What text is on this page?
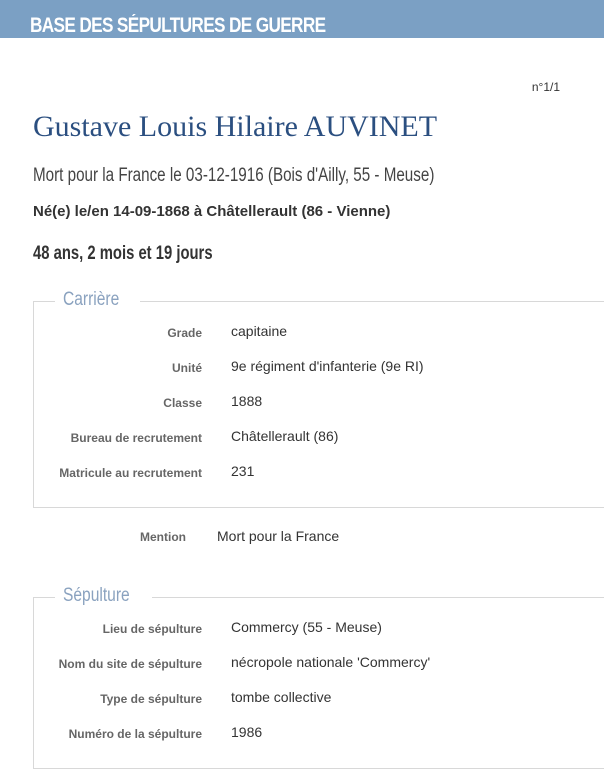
BASE DES SÉPULTURES DE GUERRE
n°1/1
Gustave Louis Hilaire AUVINET
Mort pour la France le 03-12-1916 (Bois d'Ailly, 55 - Meuse)
Né(e) le/en 14-09-1868 à Châtellerault (86 - Vienne)
48 ans, 2 mois et 19 jours
Carrière
Grade capitaine
Unité 9e régiment d'infanterie (9e RI)
Classe 1888
Bureau de recrutement Châtellerault (86)
Matricule au recrutement 231
Mention Mort pour la France
Sépulture
Lieu de sépulture Commercy (55 - Meuse)
Nom du site de sépulture nécropole nationale 'Commercy'
Type de sépulture tombe collective
Numéro de la sépulture 1986
